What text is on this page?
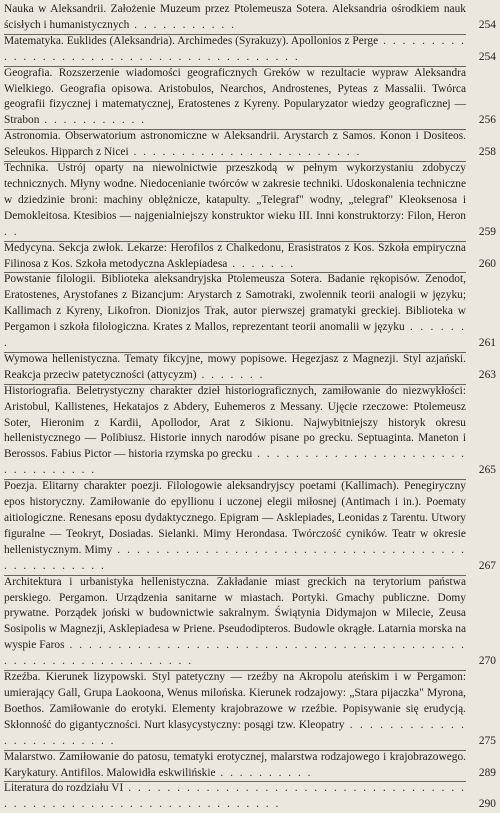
Nauka w Aleksandrii. Założenie Muzeum przez Ptolemeusza Sotera. Aleksandria ośrodkiem nauk ścisłych i humanistycznych . . . . . . . . . . .	254
Matematyka. Euklides (Aleksandria). Archimedes (Syrakuzy). Apollonios z Perge . . . . . . . . . . . . . . . . . . . . . . . . . . . . . . . . . . . . . . . .	254
Geografia. Rozszerzenie wiadomości geograficznych Greków w rezultacie wypraw Aleksandra Wielkiego. Geografia opisowa. Aristobulos, Nearchos, Androstenes, Pyteas z Massalii. Twórca geografii fizycznej i matematycznej, Eratostenes z Kyreny. Popularyzator wiedzy geograficznej — Strabon . . . . . . . . . . .	256
Astronomia. Obserwatorium astronomiczne w Aleksandrii. Arystarch z Samos. Konon i Dositeos. Seleukos. Hipparch z Nicei . . . . . . . . . . . . . . . . . . . . . . . .	258
Technika. Ustrój oparty na niewolnictwie przeszkodą w pełnym wykorzystaniu zdobyczy technicznych. Młyny wodne. Niedocenianie twórców w zakresie techniki. Udoskonalenia techniczne w dziedzinie broni: machiny oblężnicze, katapulty. „Telegraf" wodny, „telegraf" Kleoksenosa i Demokleitosa. Ktesibios — najgenialniejszy konstruktor wieku III. Inni konstruktorzy: Filon, Heron . .	259
Medycyna. Sekcja zwłok. Lekarze: Herofilos z Chalkedonu, Erasistratos z Kos. Szkoła empiryczna Filinosa z Kos. Szkoła metodyczna Asklepiadesa . . . . . . .	260
Powstanie filologii. Biblioteka aleksandryjska Ptolemeusza Sotera. Badanie rękopisów. Zenodot, Eratostenes, Arystofanes z Bizancjum: Arystarch z Samotraki, zwolennik teorii analogii w języku; Kallimach z Kyreny, Likofron. Dionizjos Trak, autor pierwszej gramatyki greckiej. Biblioteka w Pergamon i szkoła filologiczna. Krates z Mallos, reprezentant teorii anomalii w języku . . . . . . .	261
Wymowa hellenistyczna. Tematy fikcyjne, mowy popisowe. Hegezjasz z Magnezji. Styl azjański. Reakcja przeciw patetyczności (attycyzm) . . . . . . .	263
Historiografia. Beletrystyczny charakter dzieł historiograficznych, zamiłowanie do niezwykłości: Aristobul, Kallistenes, Hekatajos z Abdery, Euhemeros z Messany. Ujęcie rzeczowe: Ptolemeusz Soter, Hieronim z Kardii, Apollodor, Arat z Sikionu. Najwybitniejszy historyk okresu hellenistycznego — Polibiusz. Historie innych narodów pisane po grecku. Septuaginta. Maneton i Berossos. Fabius Pictor — historia rzymska po grecku . . . . . . . . . . . . . . . . . . . . . . . . . . . . . . . .	265
Poezja. Elitarny charakter poezji. Filologowie aleksandryjscy poetami (Kallimach). Penegiryczny epos historyczny. Zamiłowanie do epyllionu i uczonej elegii miłosnej (Antimach i in.). Poematy aitiologiczne. Renesans eposu dydaktycznego. Epigram — Asklepiades, Leonidas z Tarentu. Utwory figuralne — Teokryt, Dosiadas. Sielanki. Mimy Herondasa. Twórczość cyników. Teatr w okresie hellenistycznym. Mimy . . . . . . . . . . . . . . . . . . . . . . . . . . . . . . . . . . . . . . . . . . . . . . .	267
Architektura i urbanistyka hellenistyczna. Zakładanie miast greckich na terytorium państwa perskiego. Pergamon. Urządzenia sanitarne w miastach. Portyki. Gmachy publiczne. Domy prywatne. Porządek joński w budownictwie sakralnym. Świątynia Didymajon w Milecie, Zeusa Sosipolis w Magnezji, Asklepiadesa w Priene. Pseudodipteros. Budowle okrągłe. Latarnia morska na wyspie Faros . . . . . . . . . . . . . . . . . . . . . . . . . . . . . . . . . . . . . . . . . . . . . . . . . . . . . . . . . . . . .	270
Rzeźba. Kierunek lizypowski. Styl patetyczny — rzeźby na Akropolu ateńskim i w Pergamon: umierający Gall, Grupa Laokoona, Wenus milońska. Kierunek rodzajowy: „Stara pijaczka" Myrona, Boethos. Zamiłowanie do erotyki. Elementy krajobrazowe w rzeźbie. Popisywanie się erudycją. Skłonność do gigantyczności. Nurt klasycystyczny: posągi tzw. Kleopatry . . . . . . . . . . . . . . . . . . . . . . . .	275
Malarstwo. Zamiłowanie do patosu, tematyki erotycznej, malarstwa rodzajowego i krajobrazowego. Karykatury. Antifilos. Malowidła eskwilińskie . . . . . . . . . .	289
Literatura do rozdziału VI . . . . . . . . . . . . . . . . . . . . . . . . . . . . . . . . . . . . . . . . . . . . . . . . . . . . . . . . . . . . . . . .	290
